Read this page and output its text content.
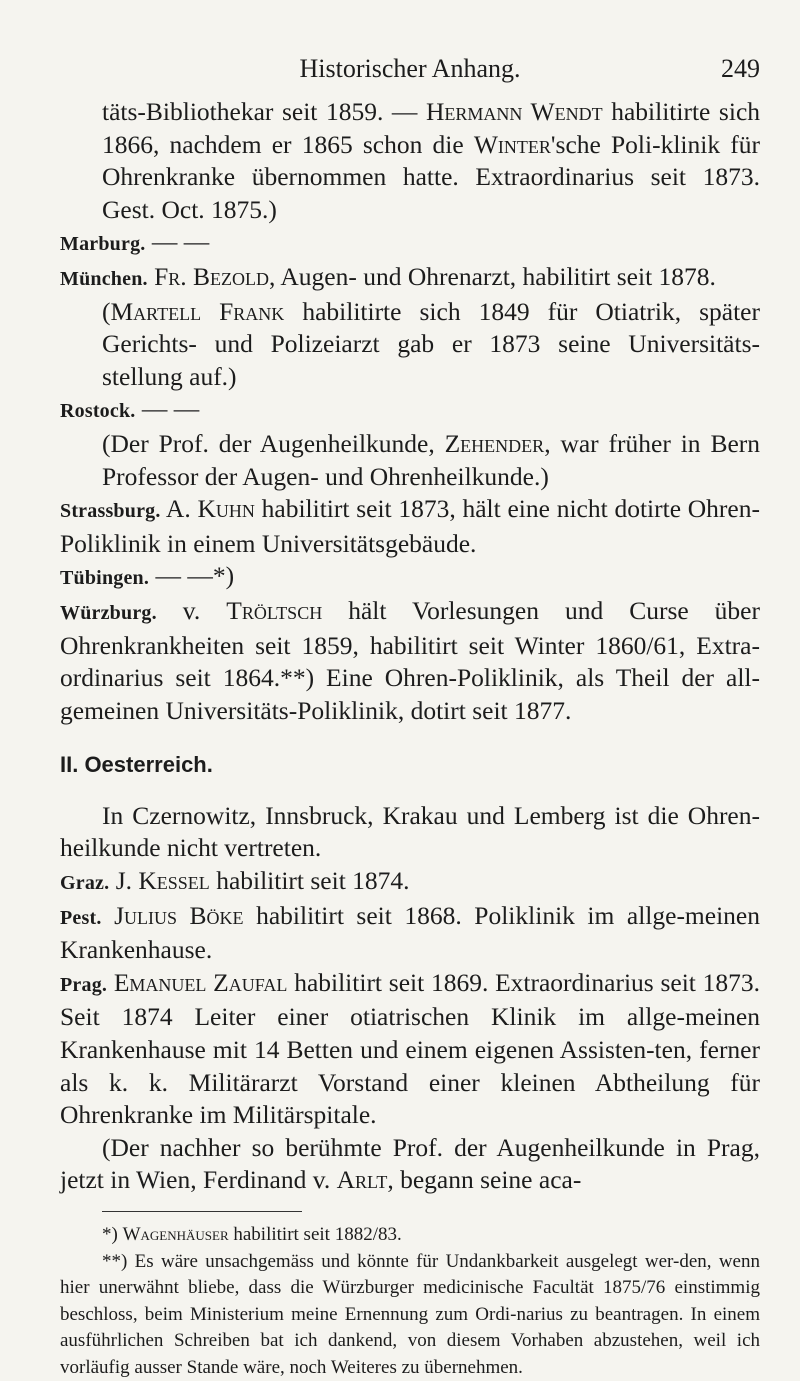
Historischer Anhang.	249

täts-Bibliothekar seit 1859. — Hermann Wendt habilitirte sich 1866, nachdem er 1865 schon die Winter'sche Poli-klinik für Ohrenkranke übernommen hatte. Extraordinarius seit 1873. Gest. Oct. 1875.)

Marburg. — —

München. Fr. Bezold, Augen- und Ohrenarzt, habilitirt seit 1878.

(Martell Frank habilitirte sich 1849 für Otiatrik, später Gerichts- und Polizeiarzt gab er 1873 seine Universitäts-stellung auf.)

Rostock. — —

(Der Prof. der Augenheilkunde, Zehender, war früher in Bern Professor der Augen- und Ohrenheilkunde.)

Strassburg. A. Kuhn habilitirt seit 1873, hält eine nicht dotirte Ohren-Poliklinik in einem Universitätsgebäude.

Tübingen. — —*)

Würzburg. v. Tröltsch hält Vorlesungen und Curse über Ohrenkrankheiten seit 1859, habilitirt seit Winter 1860/61, Extra-ordinarius seit 1864.**) Eine Ohren-Poliklinik, als Theil der all-gemeinen Universitäts-Poliklinik, dotirt seit 1877.

II. Oesterreich.

In Czernowitz, Innsbruck, Krakau und Lemberg ist die Ohren-heilkunde nicht vertreten.

Graz. J. Kessel habilitirt seit 1874.

Pest. Julius Böke habilitirt seit 1868. Poliklinik im allge-meinen Krankenhause.

Prag. Emanuel Zaufal habilitirt seit 1869. Extraordinarius seit 1873. Seit 1874 Leiter einer otiatrischen Klinik im allge-meinen Krankenhause mit 14 Betten und einem eigenen Assisten-ten, ferner als k. k. Militärarzt Vorstand einer kleinen Abtheilung für Ohrenkranke im Militärspitale.

(Der nachher so berühmte Prof. der Augenheilkunde in Prag, jetzt in Wien, Ferdinand v. Arlt, begann seine aca-

*) Wagenhäuser habilitirt seit 1882/83.

**) Es wäre unsachgemäss und könnte für Undankbarkeit ausgelegt wer-den, wenn hier unerwähnt bliebe, dass die Würzburger medicinische Facultät 1875/76 einstimmig beschloss, beim Ministerium meine Ernennung zum Ordi-narius zu beantragen. In einem ausführlichen Schreiben bat ich dankend, von diesem Vorhaben abzustehen, weil ich vorläufig ausser Stande wäre, noch Weiteres zu übernehmen.
